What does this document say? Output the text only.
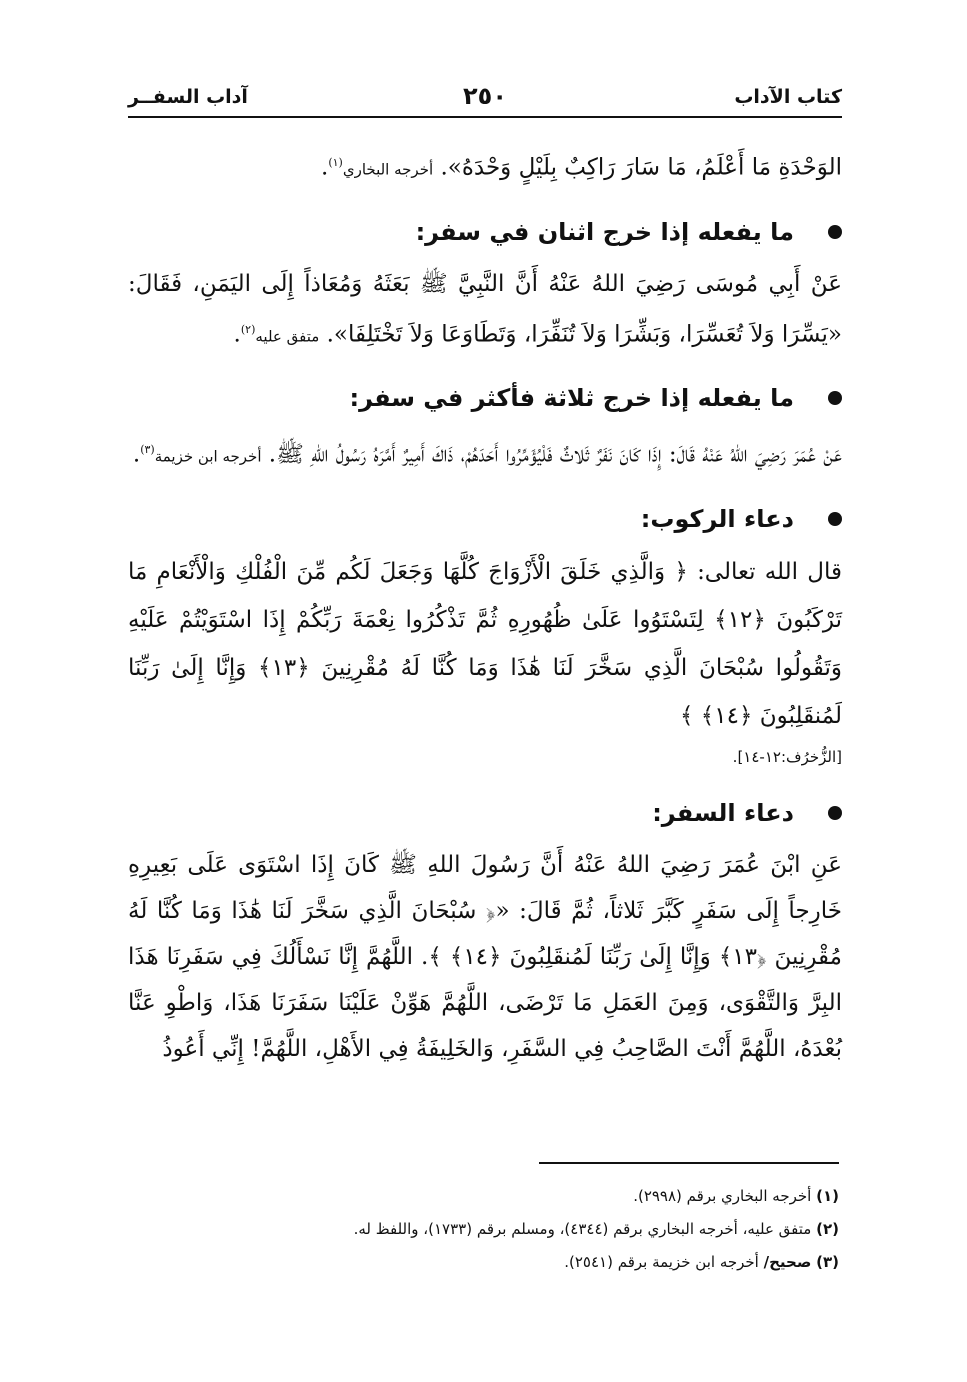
كتاب الآداب
٢٥٠
آداب السفــر

الوَحْدَةِ مَا أَعْلَمُ، مَا سَارَ رَاكِبٌ بِلَيْلٍ وَحْدَهُ». أخرجه البخاري$^{(١)}$.

ما يفعله إذا خرج اثنان في سفر:

عَنْ أَبِي مُوسَى رَضِيَ اللهُ عَنْهُ أَنَّ النَّبِيَّ ﷺ بَعَثَهُ وَمُعَاذاً إِلَى اليَمَنِ، فَقَالَ: «يَسِّرَا وَلاَ تُعَسِّرَا، وَبَشِّرَا وَلاَ تُنَفِّرَا، وَتَطَاوَعَا وَلاَ تَخْتَلِفَا». متفق عليه$^{(٢)}$.

ما يفعله إذا خرج ثلاثة فأكثر في سفر:

عَنْ عُمَرَ رَضِيَ اللهُ عَنْهُ قَالَ: إِذَا كَانَ نَفَرٌ ثَلاثٌ فَلْيُؤَمِّرُوا أَحَدَهُمْ، ذَاكَ أَمِيرٌ أَمَّرَهُ رَسُولُ اللهِ ﷺ. أخرجه ابن خزيمة$^{(٣)}$.

دعاء الركوب:

قال الله تعالى: ﴿ وَالَّذِي خَلَقَ الْأَزْوَاجَ كُلَّهَا وَجَعَلَ لَكُم مِّنَ الْفُلْكِ وَالْأَنْعَامِ مَا تَرْكَبُونَ ﴿١٢﴾ لِتَسْتَوُوا عَلَىٰ ظُهُورِهِ ثُمَّ تَذْكُرُوا نِعْمَةَ رَبِّكُمْ إِذَا اسْتَوَيْتُمْ عَلَيْهِ وَتَقُولُوا سُبْحَانَ الَّذِي سَخَّرَ لَنَا هَٰذَا وَمَا كُنَّا لَهُ مُقْرِنِينَ ﴿١٣﴾ وَإِنَّا إِلَىٰ رَبِّنَا لَمُنقَلِبُونَ ﴿١٤﴾ ﴾
[الزُّخرُف:١٢-١٤].

دعاء السفر:

عَنِ ابْنَ عُمَرَ رَضِيَ اللهُ عَنْهُ أَنَّ رَسُولَ اللهِ ﷺ كَانَ إِذَا اسْتَوَى عَلَى بَعِيرِهِ خَارِجاً إِلَى سَفَرٍ كَبَّرَ ثَلاثاً، ثُمَّ قَالَ: «﴿ سُبْحَانَ الَّذِي سَخَّرَ لَنَا هَٰذَا وَمَا كُنَّا لَهُ مُقْرِنِينَ ﴿١٣﴾ وَإِنَّا إِلَىٰ رَبِّنَا لَمُنقَلِبُونَ ﴿١٤﴾ ﴾. اللَّهُمَّ إِنَّا نَسْأَلُكَ فِي سَفَرِنَا هَذَا البِرَّ وَالتَّقْوَى، وَمِنَ العَمَلِ مَا تَرْضَى، اللَّهُمَّ هَوِّنْ عَلَيْنَا سَفَرَنَا هَذَا، وَاطْوِ عَنَّا بُعْدَهُ، اللَّهُمَّ أَنْتَ الصَّاحِبُ فِي السَّفَرِ، وَالخَلِيفَةُ فِي الأَهْلِ، اللَّهُمَّ! إِنِّي أَعُوذُ

(١) أخرجه البخاري برقم (٢٩٩٨).

(٢) متفق عليه، أخرجه البخاري برقم (٤٣٤٤)، ومسلم برقم (١٧٣٣)، واللفظ له.

(٣) صحيح/ أخرجه ابن خزيمة برقم (٢٥٤١).
